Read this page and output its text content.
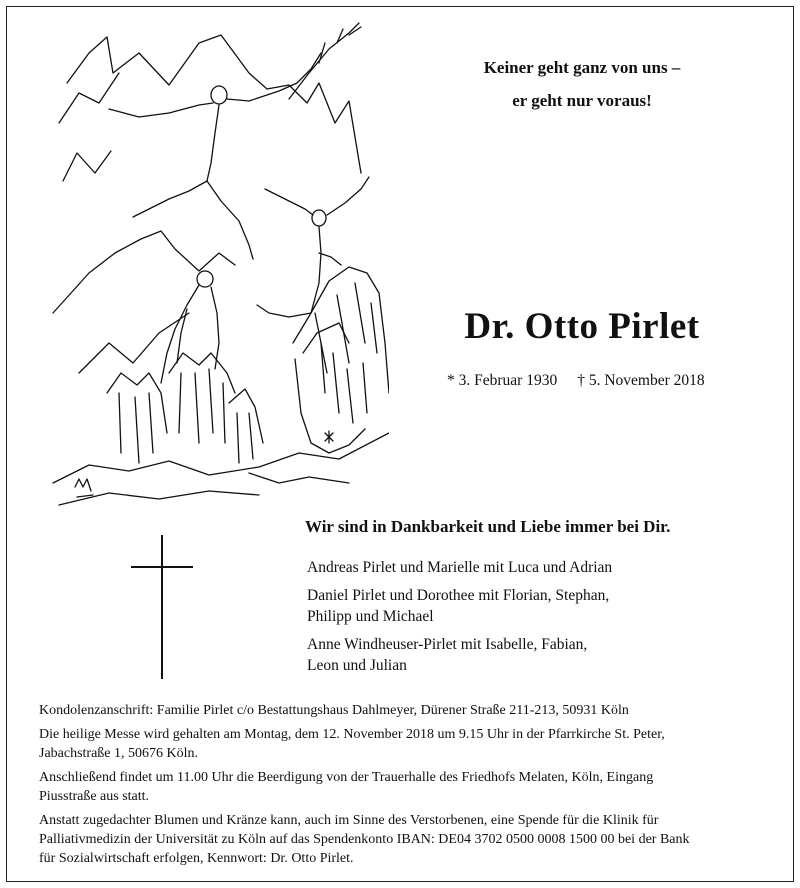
Keiner geht ganz von uns –
er geht nur voraus!
Dr. Otto Pirlet
* 3. Februar 1930 † 5. November 2018
Wir sind in Dankbarkeit und Liebe immer bei Dir.

Andreas Pirlet und Marielle mit Luca und Adrian

Daniel Pirlet und Dorothee mit Florian, Stephan,
Philipp und Michael

Anne Windheuser-Pirlet mit Isabelle, Fabian,
Leon und Julian

Kondolenzanschrift: Familie Pirlet c/o Bestattungshaus Dahlmeyer, Dürener Straße 211-213, 50931 Köln

Die heilige Messe wird gehalten am Montag, dem 12. November 2018 um 9.15 Uhr in der Pfarrkirche St. Peter,
Jabachstraße 1, 50676 Köln.

Anschließend findet um 11.00 Uhr die Beerdigung von der Trauerhalle des Friedhofs Melaten, Köln, Eingang
Piusstraße aus statt.

Anstatt zugedachter Blumen und Kränze kann, auch im Sinne des Verstorbenen, eine Spende für die Klinik für
Palliativmedizin der Universität zu Köln auf das Spendenkonto IBAN: DE04 3702 0500 0008 1500 00 bei der Bank
für Sozialwirtschaft erfolgen, Kennwort: Dr. Otto Pirlet.
